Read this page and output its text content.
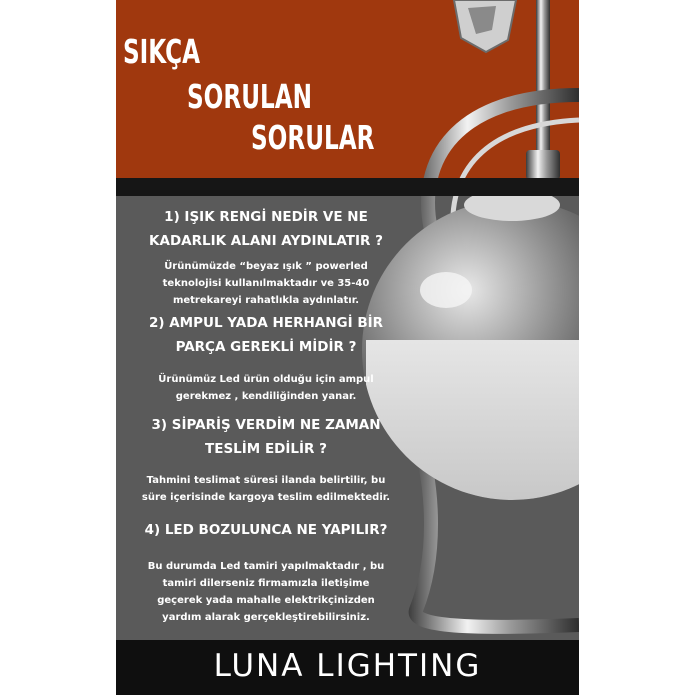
SIKÇA
SORULAN
SORULAR
1) IŞIK RENGİ NEDİR VE NE
KADARLIK ALANI AYDINLATIR ?
Ürünümüzde “beyaz ışık ” powerled
teknolojisi kullanılmaktadır ve 35-40
metrekareyi rahatlıkla aydınlatır.
2) AMPUL YADA HERHANGİ BİR
PARÇA GEREKLİ MİDİR ?
Ürünümüz Led ürün olduğu için ampul
gerekmez , kendiliğinden yanar.
3) SİPARİŞ VERDİM NE ZAMAN
TESLİM EDİLİR ?
Tahmini teslimat süresi ilanda belirtilir, bu
süre içerisinde kargoya teslim edilmektedir.
4) LED BOZULUNCA NE YAPILIR?
Bu durumda Led tamiri yapılmaktadır , bu
tamiri dilerseniz firmamızla iletişime
geçerek yada mahalle elektrikçinizden
yardım alarak gerçekleştirebilirsiniz.
LUNA LIGHTING
